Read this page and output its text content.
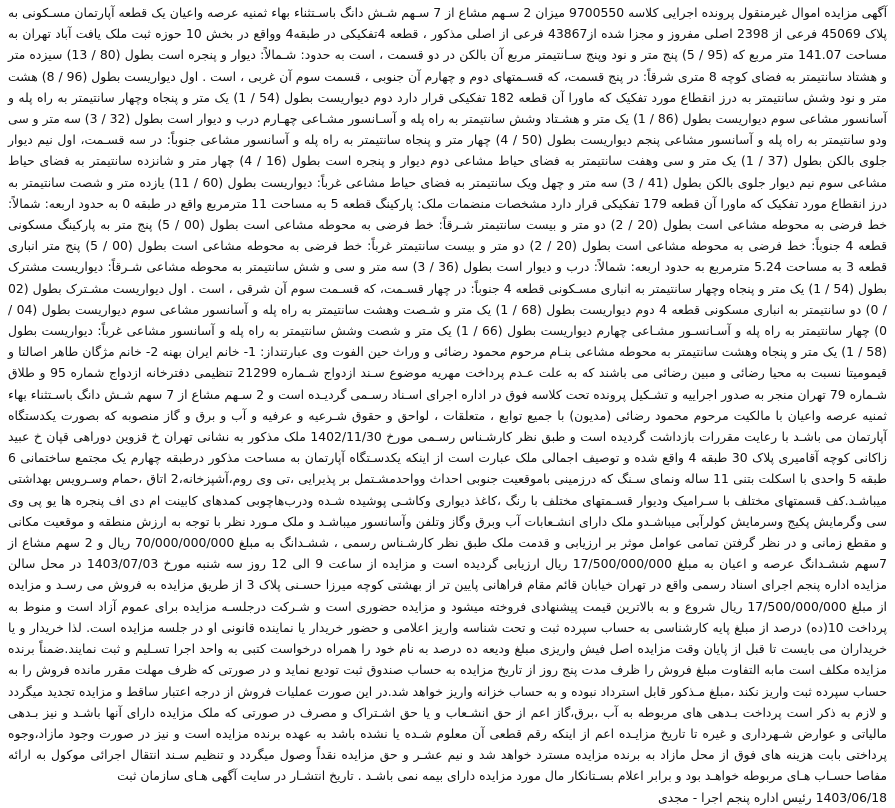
آگهی مزایده اموال غیرمنقول پرونده اجرایی کلاسه 9700550 میزان 2 سـهم مشاع از 7 سـهم شـش دانگ باسـتثناء بهاء ثمنیه عرصه واعیان یک قطعه آپارتمان مسـکونی به پلاک 45069 فرعی از 2398 اصلی مفروز و مجزا شده از43867 فرعی از اصلی مذکور ، قطعه 4تفکیکی در طبقه4 وواقع در بخش 10 حوزه ثبت ملک یافت آباد تهران به مساحت 141.07 متر مربع که (95 / 5) پنج متر و نود وپنج سـانتیمتر مربع آن بالکن در دو قسمت ، است به حدود: شـمالاً: دیوار و پنجره است بطول (80 / 13) سیزده متر و هشتاد سانتیمتر به فضای کوچه 8 متری شرقاً: در پنج قسمت، که قسـمتهای دوم و چهارم آن جنوبی ، قسمت سوم آن غربی ، است . اول دیواریست بطول (96 / 8) هشت متر و نود وشش سانتیمتر به درز انقطاع مورد تفکیک که ماورا آن قطعه 182 تفکیکی قرار دارد دوم دیواریست بطول (54 / 1) یک متر و پنجاه وچهار سانتیمتر به راه پله و آسانسور مشاعی سوم دیواریست بطول (86 / 1) یک متر و هشـتاد وشش سانتیمتر به راه پله و آسـانسور مشـاعی چهـارم درب و دیوار است بطول (32 / 3) سه متر و سی ودو سانتیمتر به راه پله و آسانسور مشاعی پنجم دیواریست بطول (50 / 4) چهار متر و پنجاه سانتیمتر به راه پله و آسانسور مشاعی جنوباً: در سه قسـمت، اول نیم دیوار جلوی بالکن بطول (37 / 1) یک متر و سی وهفت سانتیمتر به فضای حیاط مشاعی دوم دیوار و پنجره است بطول (16 / 4) چهار متر و شانزده سانتیمتر به فضای حیاط مشاعی سوم نیم دیوار جلوی بالکن بطول (41 / 3) سه متر و چهل ویک سانتیمتر به فضای حیاط مشاعی غرباً: دیواریست بطول (60 / 11) یازده متر و شصت سانتیمتر به درز انقطاع مورد تفکیک که ماورا آن قطعه 179 تفکیکی قرار دارد مشخصات منضمات ملک: پارکینگ قطعه 5 به مساحت 11 مترمربع واقع در طبقه 0 به حدود اربعه: شمالاً: خط فرضی به محوطه مشاعی است بطول (20 / 2) دو متر و بیست سانتیمتر شـرقاً: خط فرضی به محوطه مشاعی است بطول (00 / 5) پنج متر به پارکینگ مسکونی قطعه 4 جنوباً: خط فرضی به محوطه مشاعی است بطول (20 / 2) دو متر و بیست سانتیمتر غرباً: خط فرضی به محوطه مشاعی است بطول (00 / 5) پنج متر انباری قطعه 3 به مساحت 5.24 مترمربع به حدود اربعه: شمالاً: درب و دیوار است بطول (36 / 3) سه متر و سی و شش سانتیمتر به محوطه مشاعی شـرقاً: دیواریست مشترک بطول (54 / 1) یک متر و پنجاه وچهار سانتیمتر به انباری مسـکونی قطعه 4 جنوباً: در چهار قسـمت، که قسـمت سوم آن شرقی ، است . اول دیواریست مشـترک بطول (02 / 0) دو سانتیمتر به انباری مسکونی قطعه 4 دوم دیواریست بطول (68 / 1) یک متر و شـصت وهشت سانتیمتر به راه پله و آسانسور مشاعی سوم دیواریست بطول (04 / 0) چهار سانتیمتر به راه پله و آسـانسـور مشـاعی چهارم دیواریست بطول (66 / 1) یک متر و شصت وشش سانتیمتر به راه پله و آسانسور مشاعی غرباً: دیواریست بطول (58 / 1) یک متر و پنجاه وهشت سانتیمتر به محوطه مشاعی بنـام مرحوم محمود رضائی و وراث حین الفوت وی عبارتنداز: 1- خانم ایران بهنه 2- خانم مژگان طاهر اصالتا و قیمومیتا نسبت به محیا رضائی و مبین رضائی می باشند که به علت عـدم پرداخت مهریه موضوع سـند ازدواج شـماره 21299 تنظیمی دفترخانه ازدواج شماره 95 و طلاق شـماره 79 تهران منجر به صدور اجراییه و تشـکیل پرونده تحت کلاسه فوق در اداره اجرای اسـناد رسـمی گردیـده است و 2 سـهم مشاع از 7 سهم شـش دانگ باسـتثناء بهاء ثمنیه عرصه واعیان با مالکیت مرحوم محمود رضائی (مدیون) با جمیع توابع ، متعلقات ، لواحق و حقوق شـرعیه و عرفیه و آب و برق و گاز منصوبه که بصورت یکدستگاه آپارتمان می باشـد با رعایت مقررات بازداشت گردیده است و طبق نظر کارشـناس رسـمی مورخ 1402/11/30 ملک مذکور به نشانی تهران خ قزوین دوراهی قپان خ عبید زاکانی کوچه آقامیری پلاک 30 طبقه 4 واقع شده و توصیف اجمالی ملک عبارت است از اینکه یکدسـتگاه آپارتمان به مساحت مذکور درطبقه چهارم یک مجتمع ساختمانی 6 طبقه 5 واحدی با اسکلت بتنی 11 ساله ونمای سـنگ که درزمینی باموقعیت جنوبی احداث وواحدمشـتمل بر پذیرایی ،تی وی روم،آشپزخانه،2 اتاق ،حمام وسـرویس بهداشتی میباشـد.کف قسمتهای مختلف با سـرامیک ودیوار قسـمتهای مختلف با رنگ ،کاغذ دیواری وکاشـی پوشیده شـده ودرب‌هاچوبی کمدهای کابینت ام دی اف پنجره ها یو پی وی سی وگرمایش پکیج وسرمایش کولرآبی میباشـدو ملک دارای انشـعابات آب وبرق وگاز وتلفن وآسانسور میباشـد و ملک مـورد نظر با توجه به ارزش منطقه و موقعیت مکانی و مقطع زمانی و در نظر گرفتن تمامی عوامل موثر بر ارزیابی و قدمت ملک طبق نظر کارشـناس رسمی ، ششـدانگ به مبلغ 70/000/000/000 ریال و 2 سهم مشاع از 7سهم ششـدانگ عرصه و اعیان به مبلغ 17/500/000/000 ریال ارزیابی گردیده است و مزایده از ساعت 9 الی 12 روز سه شنبه مورخ 1403/07/03 در محل سالن مزایده اداره پنجم اجرای اسناد رسمی واقع در تهران خیابان قائم مقام فراهانی پایین تر از بهشتی کوچه میرزا حسـنی پلاک 3 از طریق مزایده به فروش می رسـد و مزایده از مبلغ 17/500/000/000 ریال شروع و به بالاترین قیمت پیشنهادی فروخته میشود و مزایده حضوری است و شـرکت درجلسـه مزایده برای عموم آزاد است و منوط به پرداخت 10(ده) درصد از مبلغ پایه کارشناسی به حساب سپرده ثبت و تحت شناسه واریز اعلامی و حضور خریدار یا نماینده قانونی او در جلسه مزایده است. لذا خریدار و یا خریداران می بایست تا قبل از پایان وقت مزایده اصل فیش واریزی مبلغ ودیعه ده درصد به نام خود را همراه درخواست کتبی به واحد اجرا تسـلیم و ثبت نمایند.ضمناً برنده مزایده مکلف است مابه التفاوت مبلغ فروش را ظرف مدت پنج روز از تاریخ مزایده به حساب صندوق ثبت تودیع نماید و در صورتی که ظرف مهلت مقرر مانده فروش را به حساب سپرده ثبت واریز نکند ،مبلغ مـذکور قابل استرداد نبوده و به حساب خزانه واریز خواهد شد.در این صورت عملیات فروش از درجه اعتبار ساقط و مزایده تجدید میگردد و لازم به ذکر است پرداخت بـدهی های مربوطه به آب ،برق،گاز اعم از حق انشـعاب و یا حق اشـتراک و مصرف در صورتی که ملک مزایده دارای آنها باشـد و نیز بـدهی مالیاتی و عوارض شـهرداری و غیره تا تاریخ مزایـده اعم از اینکه رقم قطعی آن معلوم شـده یا نشده باشد به عهده برنده مزایده است و نیز در صورت وجود مازاد،وجوه پرداختی بابت هزینه های فوق از محل مازاد به برنده مزایده مسترد خواهد شد و نیم عشـر و حق مزایده نقداً وصول میگردد و تنظیم سـند انتقال اجرائی موکول به ارائه مفاصا حسـاب هـای مربوطه خواهـد بود و برابر اعلام بسـتانکار مال مورد مزایده دارای بیمه نمی باشـد . تاریخ انتشـار در سایت آگهی هـای سازمان ثبت

1403/06/18 رئیس اداره پنجم اجرا - مجدی
